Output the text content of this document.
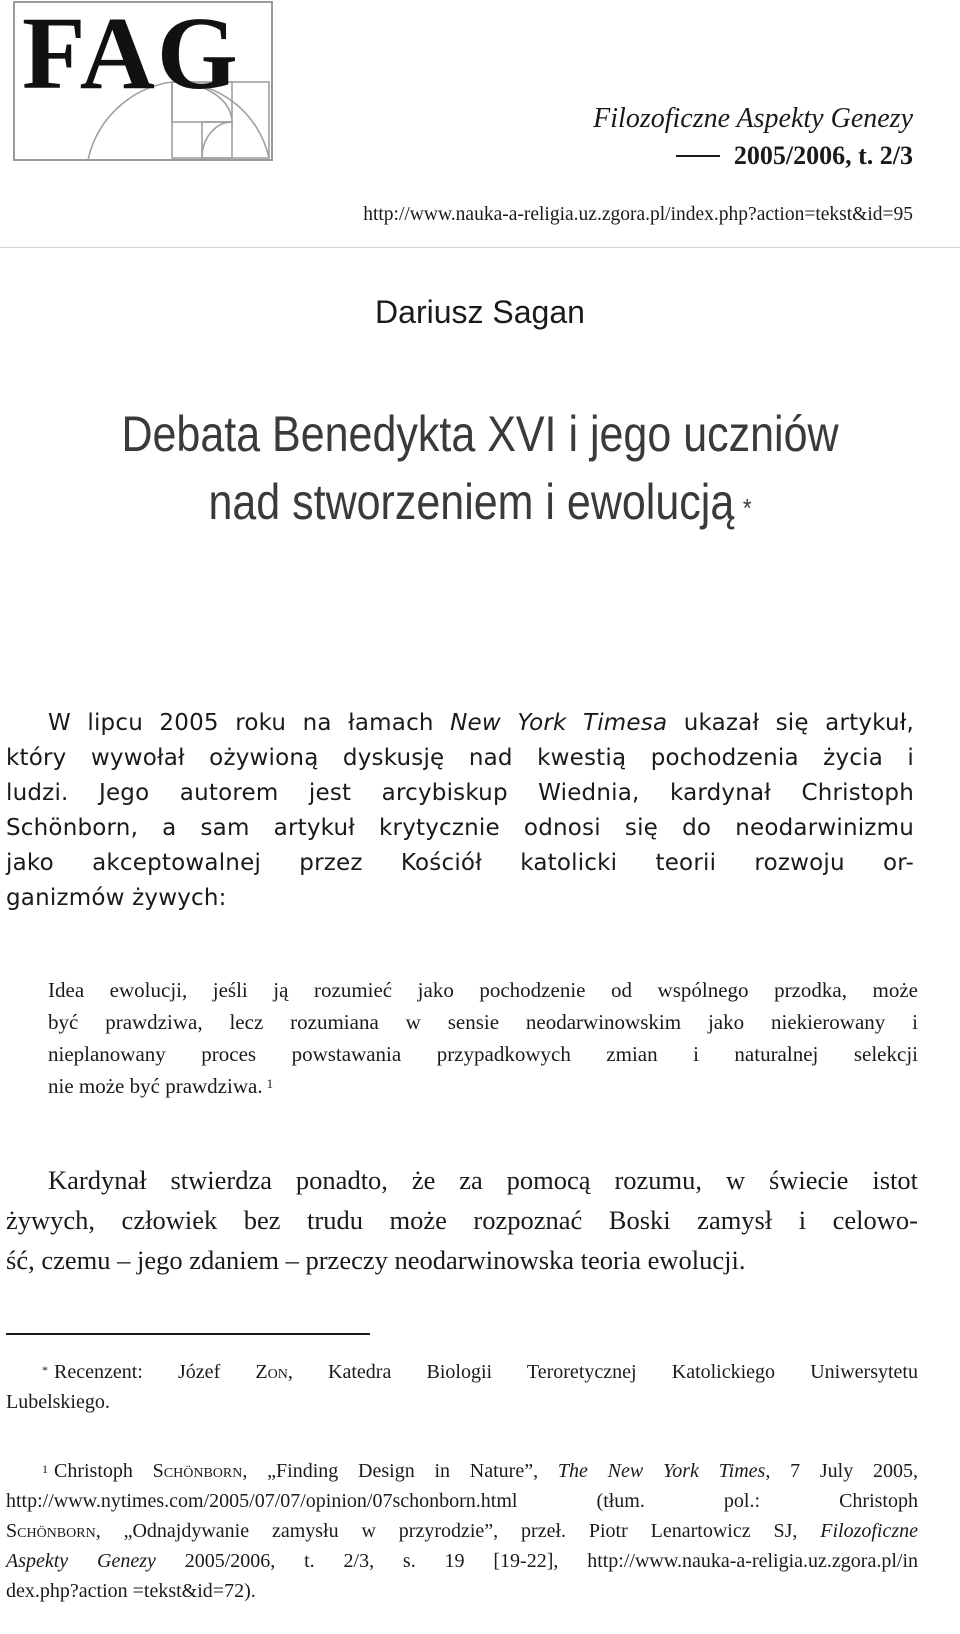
FAG
Filozoficzne Aspekty Genezy
2005/2006, t. 2/3
http://www.nauka-a-religia.uz.zgora.pl/index.php?action=tekst&id=95
Dariusz Sagan
Debata Benedykta XVI i jego uczniów
nad stworzeniem i ewolucją *
W lipcu 2005 roku na łamach New York Timesa ukazał się artykuł,
który wywołał ożywioną dyskusję nad kwestią pochodzenia życia i
ludzi. Jego autorem jest arcybiskup Wiednia, kardynał Christoph
Schönborn, a sam artykuł krytycznie odnosi się do neodarwinizmu
jako akceptowalnej przez Kościół katolicki teorii rozwoju or-
ganizmów żywych:
Idea ewolucji, jeśli ją rozumieć jako pochodzenie od wspólnego przodka, może
być prawdziwa, lecz rozumiana w sensie neodarwinowskim jako niekierowany i
nieplanowany proces powstawania przypadkowych zmian i naturalnej selekcji
nie może być prawdziwa. $^1$
Kardynał stwierdza ponadto, że za pomocą rozumu, w świecie istot
żywych, człowiek bez trudu może rozpoznać Boski zamysł i celowo-
ść, czemu – jego zdaniem – przeczy neodarwinowska teoria ewolucji.
* Recenzent: Józef Zon, Katedra Biologii Teroretycznej Katolickiego Uniwersytetu
Lubelskiego.
$^1$ Christoph Schönborn, „Finding Design in Nature”, The New York Times, 7 July 2005,
http://www.nytimes.com/2005/07/07/opinion/07schonborn.html (tłum. pol.: Christoph
Schönborn, „Odnajdywanie zamysłu w przyrodzie”, przeł. Piotr Lenartowicz SJ, Filozoficzne
Aspekty Genezy 2005/2006, t. 2/3, s. 19 [19-22], http://www.nauka-a-religia.uz.zgora.pl/in
dex.php?action =tekst&id=72).
